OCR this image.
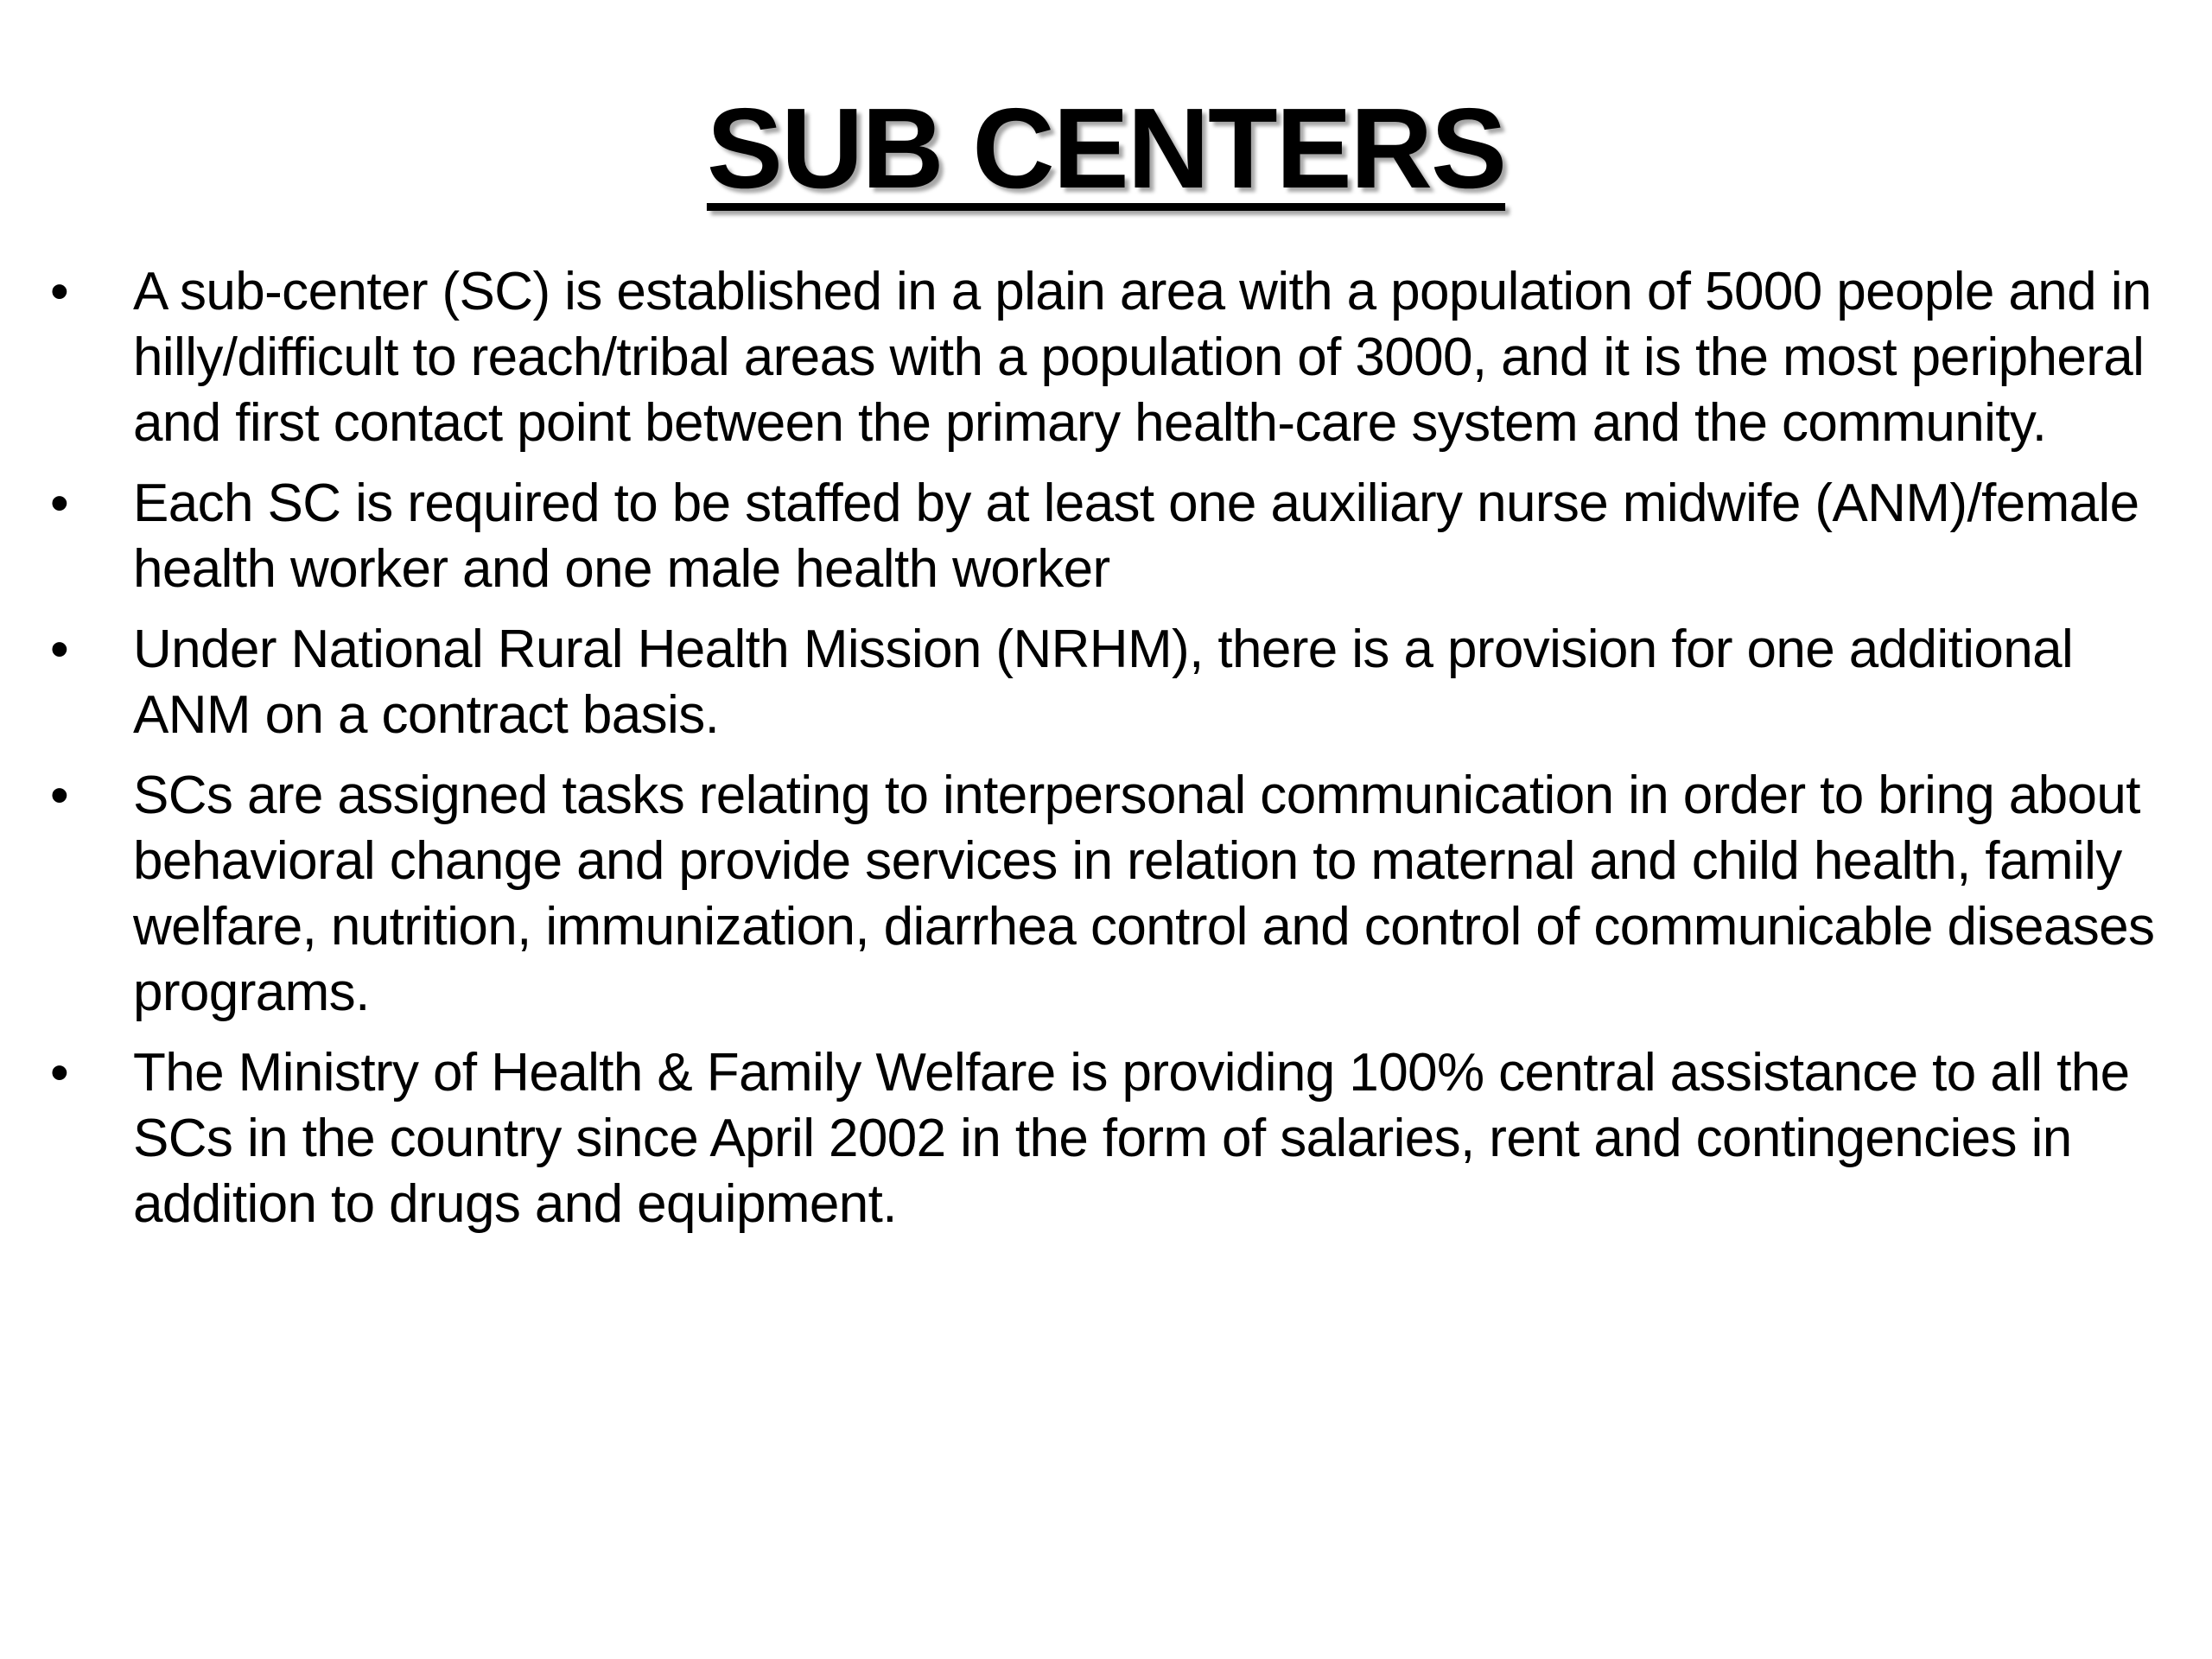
SUB CENTERS
•	A sub-center (SC) is established in a plain area with a population of 5000 people and in hilly/difficult to reach/tribal areas with a population of 3000, and it is the most peripheral and first contact point between the primary health-care system and the community.
•	Each SC is required to be staffed by at least one auxiliary nurse midwife (ANM)/female health worker and one male health worker
•	Under National Rural Health Mission (NRHM), there is a provision for one additional ANM on a contract basis.
•	SCs are assigned tasks relating to interpersonal communication in order to bring about behavioral change and provide services in relation to maternal and child health, family welfare, nutrition, immunization, diarrhea control and control of communicable diseases programs.
•	The Ministry of Health & Family Welfare is providing 100% central assistance to all the SCs in the country since April 2002 in the form of salaries, rent and contingencies in addition to drugs and equipment.
